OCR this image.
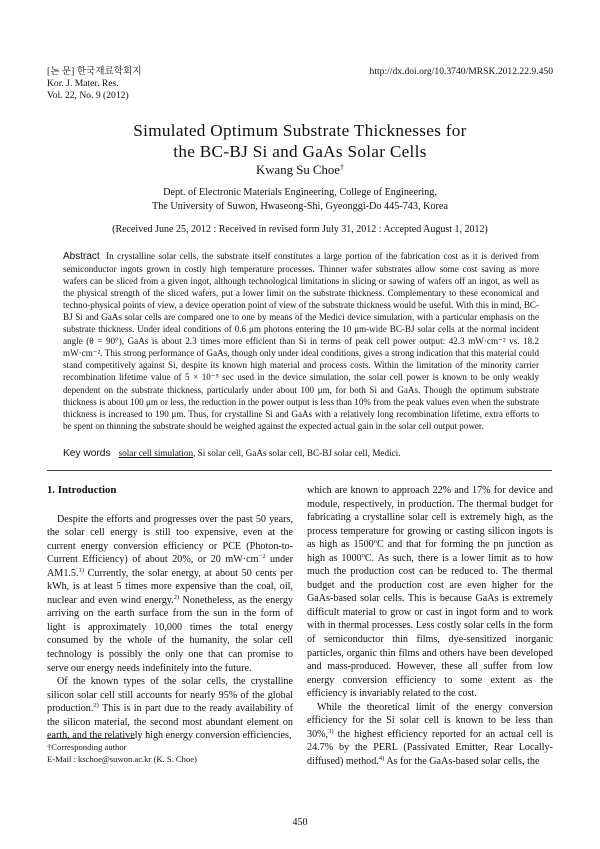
[논 문] 한국재료학회지
Kor. J. Mater. Res.
Vol. 22, No. 9 (2012)
http://dx.doi.org/10.3740/MRSK.2012.22.9.450
Simulated Optimum Substrate Thicknesses for
the BC-BJ Si and GaAs Solar Cells
Kwang Su Choe†
Dept. of Electronic Materials Engineering, College of Engineering,
The University of Suwon, Hwaseong-Shi, Gyeonggi-Do 445-743, Korea
(Received June 25, 2012 : Received in revised form July 31, 2012 : Accepted August 1, 2012)
Abstract In crystalline solar cells, the substrate itself constitutes a large portion of the fabrication cost as it is derived from semiconductor ingots grown in costly high temperature processes. Thinner wafer substrates allow some cost saving as more wafers can be sliced from a given ingot, although technological limitations in slicing or sawing of wafers off an ingot, as well as the physical strength of the sliced wafers, put a lower limit on the substrate thickness. Complementary to these economical and techno-physical points of view, a device operation point of view of the substrate thickness would be useful. With this in mind, BC-BJ Si and GaAs solar cells are compared one to one by means of the Medici device simulation, with a particular emphasis on the substrate thickness. Under ideal conditions of 0.6 μm photons entering the 10 μm-wide BC-BJ solar cells at the normal incident angle (θ = 90°), GaAs is about 2.3 times more efficient than Si in terms of peak cell power output: 42.3 mW·cm⁻² vs. 18.2 mW·cm⁻². This strong performance of GaAs, though only under ideal conditions, gives a strong indication that this material could stand competitively against Si, despite its known high material and process costs. Within the limitation of the minority carrier recombination lifetime value of 5 × 10⁻⁵ sec used in the device simulation, the solar cell power is known to be only weakly dependent on the substrate thickness, particularly under about 100 μm, for both Si and GaAs. Though the optimum substrate thickness is about 100 μm or less, the reduction in the power output is less than 10% from the peak values even when the substrate thickness is increased to 190 μm. Thus, for crystalline Si and GaAs with a relatively long recombination lifetime, extra efforts to be spent on thinning the substrate should be weighed against the expected actual gain in the solar cell output power.
Key words solar cell simulation, Si solar cell, GaAs solar cell, BC-BJ solar cell, Medici.
1. Introduction

Despite the efforts and progresses over the past 50 years, the solar cell energy is still too expensive, even at the current energy conversion efficiency or PCE (Photon-to-Current Efficiency) of about 20%, or 20 $mW\cdot cm^{-2}$ under AM1.5.$^{1)}$ Currently, the solar energy, at about 50 cents per kWh, is at least 5 times more expensive than the coal, oil, nuclear and even wind energy.$^{2)}$ Nonetheless, as the energy arriving on the earth surface from the sun in the form of light is approximately 10,000 times the total energy consumed by the whole of the humanity, the solar cell technology is possibly the only one that can promise to serve our energy needs indefinitely into the future.

Of the known types of the solar cells, the crystalline silicon solar cell still accounts for nearly 95% of the global production.$^{2)}$ This is in part due to the ready availability of the silicon material, the second most abundant element on earth, and the relatively high energy conversion efficiencies,

which are known to approach 22% and 17% for device and module, respectively, in production. The thermal budget for fabricating a crystalline solar cell is extremely high, as the process temperature for growing or casting silicon ingots is as high as 1500$^o$C and that for forming the pn junction as high as 1000$^o$C. As such, there is a lower limit as to how much the production cost can be reduced to. The thermal budget and the production cost are even higher for the GaAs-based solar cells. This is because GaAs is extremely difficult material to grow or cast in ingot form and to work with in thermal processes. Less costly solar cells in the form of semiconductor thin films, dye-sensitized inorganic particles, organic thin films and others have been developed and mass-produced. However, these all suffer from low energy conversion efficiency to some extent as the efficiency is invariably related to the cost.

While the theoretical limit of the energy conversion efficiency for the Si solar cell is known to be less than 30%,$^{3)}$ the highest efficiency reported for an actual cell is 24.7% by the PERL (Passivated Emitter, Rear Locally-diffused) method.$^{4)}$ As for the GaAs-based solar cells, the

†Corresponding author
E-Mail : kschoe@suwon.ac.kr (K. S. Choe)
450
